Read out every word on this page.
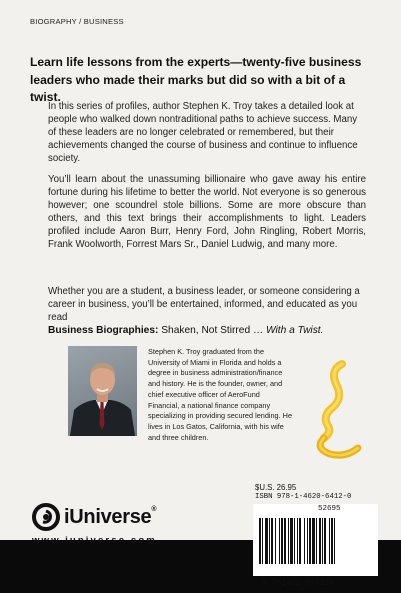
BIOGRAPHY / BUSINESS
Learn life lessons from the experts—twenty-five business leaders who made their marks but did so with a bit of a twist.
In this series of profiles, author Stephen K. Troy takes a detailed look at people who walked down nontraditional paths to achieve success. Many of these leaders are no longer celebrated or remembered, but their achievements changed the course of business and continue to influence society.
You’ll learn about the unassuming billionaire who gave away his entire fortune during his lifetime to better the world. Not everyone is so generous however; one scoundrel stole billions. Some are more obscure than others, and this text brings their accomplishments to light. Leaders profiled include Aaron Burr, Henry Ford, John Ringling, Robert Morris, Frank Woolworth, Forrest Mars Sr., Daniel Ludwig, and many more.
Whether you are a student, a business leader, or someone considering a career in business, you’ll be entertained, informed, and educated as you read
Business Biographies: Shaken, Not Stirred … With a Twist.
Stephen K. Troy graduated from the University of Miami in Florida and holds a degree in business administration/finance and history. He is the founder, owner, and chief executive officer of AeroFund Financial, a national finance company specializing in providing secured lending. He lives in Los Gatos, California, with his wife and three children.
$U.S. 26.95
ISBN 978-1-4620-6412-0
52695
9 781462 064120
iUniverse®
www.iuniverse.com
